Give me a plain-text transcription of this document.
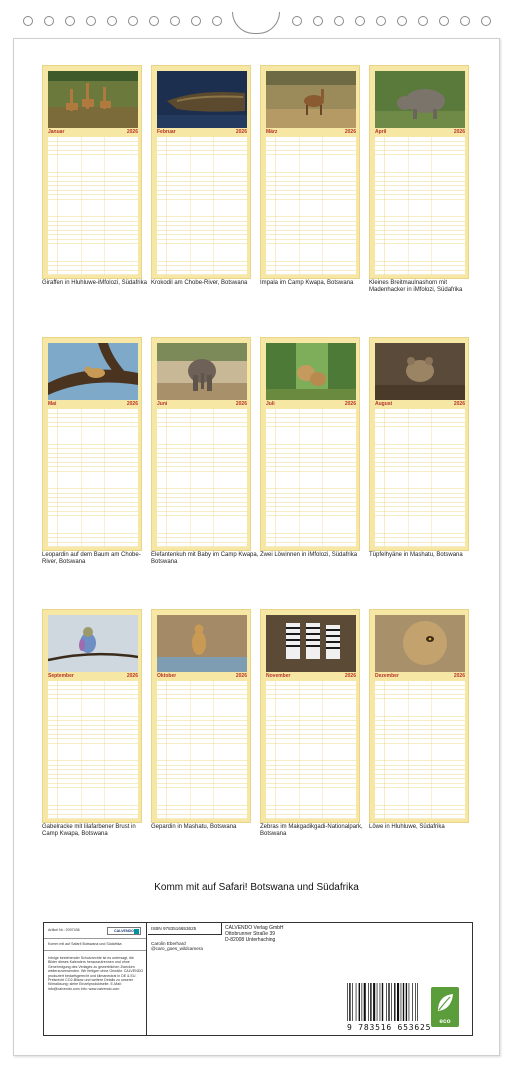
Januar	2026
Giraffen in Hluhluwe-iMfolozi, Südafrika
Februar	2026
Krokodil am Chobe-River, Botswana
März	2026
Impala im Camp Kwapa, Botswana
April	2026
Kleines Breitmaulnashorn mit Madenhacker in iMfolozi, Südafrika
Mai	2026
Leopardin auf dem Baum am Chobe-River, Botswana
Juni	2026
Elefantenkuh mit Baby im Camp Kwapa, Botswana
Juli	2026
Zwei Löwinnen in iMfolozi, Südafrika
August	2026
Tüpfelhyäne in Mashatu, Botswana
September	2026
Gabelracke mit lilafarbener Brust in Camp Kwapa, Botswana
Oktober	2026
Gepardin in Mashatu, Botswana
November	2026
Zebras im Makgadikgadi-Nationalpark, Botswana
Dezember	2026
Löwe in Hluhluwe, Südafrika
Komm mit auf Safari! Botswana und Südafrika
Artikel Nr.: 2097436	CALVENDO
Komm mit auf Safari! Botswana und Südafrika
Infolge bestehender Schutzrechte ist es untersagt, die Bilder dieses Kalenders herauszutrennen und ohne Genehmigung des Verlages zu gewerblichen Zwecken weiterzuverwenden. Wir fertigen ohne Gewähr. CALVENDO produziert bedarfsgerecht und klimaneutral in DE & EU. Preisrecht CO2-Bilanz und weitere Details zu unserer Klimalösung: siehe Einzelproduktseite. E-Mail: info@calvendo.com Info: www.calvendo.com
ISBN 9783516653625
Carolin Eberhard
@caro_goes_wildcamera
CALVENDO Verlag GmbH
Ottobrunner Straße 39
D-82008 Unterhaching
9 783516 653625
eco
